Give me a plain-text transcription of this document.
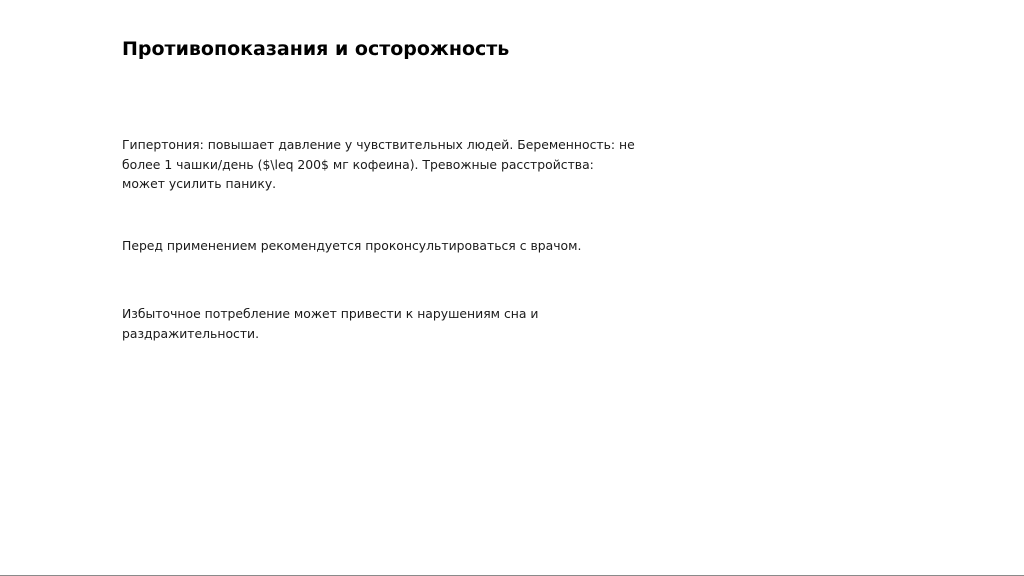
Противопоказания и осторожность

Гипертония: повышает давление у чувствительных людей. Беременность: не
более 1 чашки/день ($\leq 200$ мг кофеина). Тревожные расстройства:
может усилить панику.

Перед применением рекомендуется проконсультироваться с врачом.

Избыточное потребление может привести к нарушениям сна и
раздражительности.
